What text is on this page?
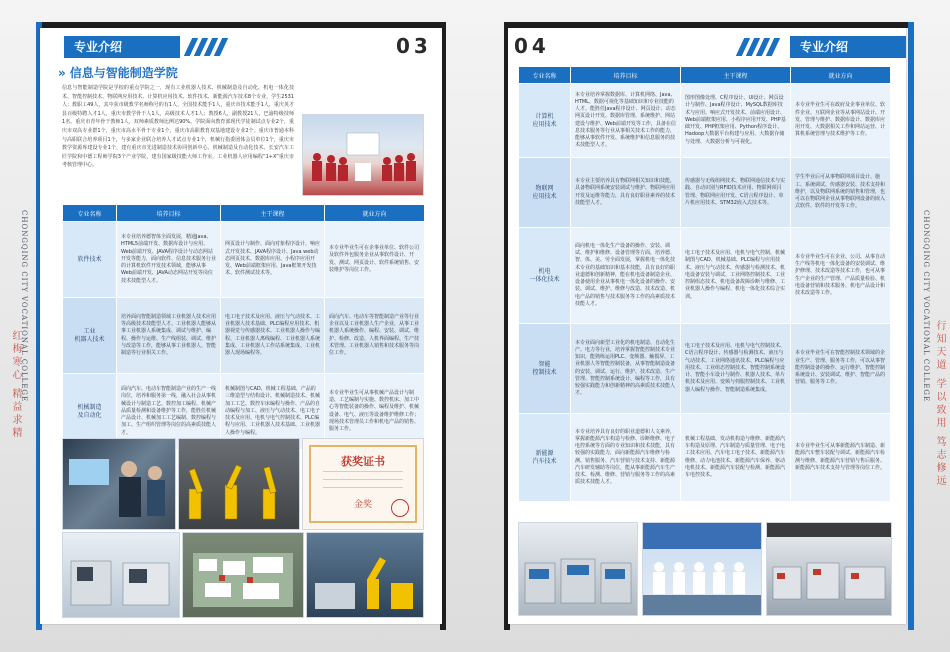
CHONGQING CITY VOCATIONAL COLLEGE
红梅寒心 精益求精	CHONGQING CITY VOCATIONAL COLLEGE
行知天道 学以致用 笃志修远
专业介绍	03
» 信息与智能制造学院
信息与智能制造学院是学校的重点学院之一，现有工业机器人技术、机械制造及自动化、机电一体化技术、智能控制技术、物联网应用技术、计算机应用技术、软件技术、新能源汽车技术8个专业，学生2531人；教职工49人，其中获市级教学名师称号的有1人、全国技术能手1人，重庆市技术能手1人，重庆英才县百级特聘人才1人，重庆市教学骨干人1人，高级技术人才1人；教授6人，副教授21人，巴渝特级技师1名，重庆市青年骨干教师1人，双师素质教师比例达90%。学院面向教育部现代学徒制试点专业2个，重庆市双高专业群1个，重庆市高水平骨干专业1个，重庆市高职教育双基地建设专业2个。重庆市普通本科与高职联合培养项目1个，与多家企业联合培养人才试点专业1个，机械行指委团体会员单位1个，重庆市教学资源库建设专业1个，建有重庆市先进制造技术协同创新中心、机械制造及自动化技术、长安汽车工匠学院和中德工程师学院3个产业学院，建有国家级技能大师工作室，工业机器人应用编程“1+X”重庆市考核管理中心。
专业名称	培养目标	主干课程	就业方向
软件技术	本专业培养德智体全面发展，精通Java、HTML5前端开发、数据库设计与应用、Web前端开发、JAVA程序设计与动态网站开发等能力，面向软件、信息技术服务行业的计算机软件开发技术领域，能够从事Web前端开发、JAVA动态网站开发等岗位技术技能型人才。	网页设计与制作、面向对象程序设计、响应式开发技术、JAVA程序设计、Java web动态网页技术、数据库应用、小程序应用开发、Web前端框架应用、Java框架开发技术、软件测试技术等。	本专业毕业生可在企事业单位、软件公司及软件外包服务企业从事软件设计、开发、测试、网页设计、软件系统销售、安装维护等岗位工作。
工业
机器人技术	培养面向智能制造领域工业机器人技术应用等高级技术技能型人才。工业机器人能够从事工业机器人系统集成、调试与维护、编程、操作与运维、生产线组装、调试、维护与改造等工作，能够从事工业机器人、智能制造等行业相关工作。	电工电子技术及应用、液压与气动技术、工业机器人技术基础、PLC编程应用技术、机器视觉与传感器技术、工业机器人操作与编程、工业机器人离线编程、工业机器人系统集成、工业机器人工作站系统集成、工业机器人现场编程等。	面向汽车、电动车等智能制造产业等行业企业以及工业机器人生产企业，从事工业机器人系统操作、编程、安装、调试、维护、检修、改造、人机界面编程、生产技术管理、工业机器人销售和技术服务等岗位工作。
机械制造
及自动化	面向汽车、电动车智能制造产业的生产一线岗位，培养和服务第一线，融入社会从事机械设计与制造工艺、数控加工编程、机械产品质量检测和设备维护等工作，能胜任机械产品设计、机械加工工艺编制、数控编程与加工、生产组织管理等岗位的高素质技能人才。	机械制图与CAD、机械工程基础、产品的三维造型与结构设计、机械制造技术、机械加工工艺、数控车床编程与操作、产品的自动编程与加工、液压与气动技术、电工电子技术及应用、电机与电气控制技术、PLC编程与应用、工业机器人技术基础、工业机器人操作与编程。	本专业毕业生可从事机械产品设计与制造、工艺编制与实施、数控机床、加工中心等智能装备的操作、编程及维护、机械设备、电气、液压等设备维护维修工作；现场技术管理员工作和机电产品的销售、服务工作。
获奖证书
金奖
04	专业介绍
专业名称	培养目标	主干课程	就业方向
计算机
应用技术	本专业培养掌握数据库、计算机网络、Java、HTML、数据可视化等基础知识和专业技能的人才。能胜任Java程序设计、网页设计、动态网页设计开发、数据库管理、系统维护、网站建设与维护、Web前端开发等工作，具备在信息技术服务等行业从事相关技术工作的能力，能够从事软件开发、系统维护和信息服务的技术技能型人才。	图形图像处理、C程序设计、UI设计、网页设计与制作、Java程序设计、MySQL数据库技术与应用、响应式开发技术、前端应用设计、Web前端框架应用、小程序应用开发、PHP基础开发、PHP框架应用、Python程序设计、Hadoop大数据平台构建与应用、大数据存储与处理、大数据分析与可视化。	本专业毕业生可在政府及企事业单位、软件企业、互联网企业等从事网站设计、开发、管理与维护、数据库设计、数据库应用开发、大数据相关工作和网站运营、计算机系统管理与技术维护等工作。
物联网
应用技术	本专业主要培养具有物联网相关知识和技能，具备物联网系统安装调试与维护、物联网应用开发及运维等能力，具有良好职业素养的技术技能型人才。	传感器与无线组网技术、物联网通信技术与实践、自动识别与RFID技术应用、物联网项目管理、物联网应用开发、C语言程序设计、单片机应用技术、STM32嵌入式技术等。	学生毕业后可从事物联网项目设计、施工、系统调试、传感器安装、技术支持和维护，以及物联网系统的销售和管理，也可以在物联网企业从事物联网设备的嵌入式软件、软件的开发等工作。
机电
一体化技术	面向机电一体化生产设备的操作、安装、调试、维护和维修、设备管理等方面，培养德、智、体、美、劳全面发展，掌握机电一体化技术专业的基础知识和基本技能，具有良好的职业道德和创新精神，能在机电设备制造企业、设备使用企业从事机电一体化设备的操作、安装、调试、维护、维修与改造、技术改造、机电产品的销售与技术服务等工作的高素质技术技能人才。	电工电子技术及应用、电机与电气控制、机械制图与CAD、机械基础、PLC编程与应用技术、液压与气动技术、传感器与检测技术、机电设备安装与调试、工业网络控制技术、工业控制组态技术、机电设备故障诊断与维修、工业机器人操作与编程、机电一体化技术综合实训。	本专业毕业生可在企业、公司、从事自动生产线等机电一体化设备的安装调试、维护修理、技术改造等技术工作，也可从事生产企业的生产管理、产品质量检验、机电设备营销和技术服务、机电产品设计和技术改造等工作。
智能
控制技术	本专业面向新型工业化的机电制造、自动化生产、电力等行业，培养掌握智能控制技术专业知识，能熟练运用PLC、变频器、触摸屏、工业机器人等智能控制装备，从事智能制造设备的安装、调试、运行、维护、技术改造、生产管理、智能控制系统设计、编程等工作，具有较强实践能力和创新精神的高素质技术技能人才。	电工电子技术及应用、电机与电气控制技术、C语言程序设计、传感器与检测技术、液压与气动技术、工业网络通讯技术、PLC编程与应用技术、工业组态控制技术、智能控制系统设计、智能小车设计与制作、机器人技术、单片机技术及应用、变频与伺服控制技术、工业机器人编程与操作、智能制造系统集成。	本专业毕业生可在智能控制技术领域的企业生产、管理、服务等工作，可以从事智能控制设备的操作、运行维护、智能控制系统设计、安装调试、维护、智能产品的营销、服务等工作。
新能源
汽车技术	本专业培养具有良好的职业道德和人文素养，掌握新能源汽车构造与检修、诊断维修、电子电控系统等方面的专业知识和技术技能，具有较强的实践能力，面向新能源汽车维修与检测、销售服务、汽车营销与技术支持、新能源汽车研发辅助等岗位，能从事新能源汽车生产技术、检测、维修、营销与服务等工作的高素质技术技能人才。	机械工程基础、发动机构造与维修、新能源汽车构造及原理、汽车制造与质量管理、电子电工技术应用、汽车电工电子技术、新能源汽车维修、动力电池技术、新能源汽车保养、驱动电机技术、新能源汽车装配与检测、新能源汽车电控技术。	本专业毕业生可从事新能源汽车制造、新能源汽车整车装配与调试、新能源汽车检测与维修、新能源汽车营销与售后服务、新能源汽车技术支持与管理等岗位工作。
